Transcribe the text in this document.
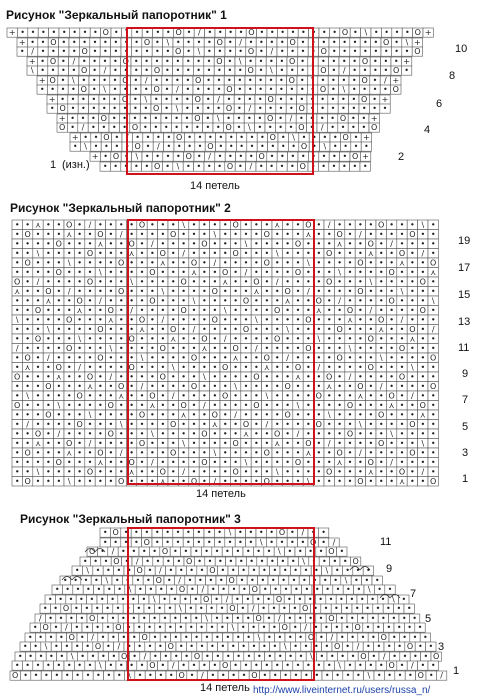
Рисунок "Зеркальный папоротник" 1
Рисунок "Зеркальный папоротник" 2
Рисунок "Зеркальный папоротник" 3
+ • • • • • • • • O • \ • • • • O • / • • • • O • • • • • • • • O • \ • • • • O +
+ • • O • • • • • • • • O • \ • • • • O • / • • • • O • • • • • • • • O • \ +
• / • • • • O • • • • • • • • O • \ • • • • O • / • • • • O • • • • • • • • O
+ • O • / • • • • O • • • • • • • • O • \ • • • • O • / • • • • O • • • +
\ • • • • O • / • • • • O • • • • • • • • O • \ • • • • O • / • • • • O •
+ O • \ • • • • O • / • • • • O • • • • • • • • O • \ • • • • O • / +
• • • • O • \ • • • • O • / • • • • O • • • • • • • • O • \ • • • • O
+ • • • • • • O • \ • • • • O • / • • • • O • • • • • • • • O • +
• O • • • • • • • • O • \ • • • • O • / • • • • O • • • • • • • •
+ • • • O • • • • • • • • O • \ • • • • O • / • • • • O • • +
O • / • • • • O • • • • • • • • O • \ • • • • O • / • • • • O
+ • • O • / • • • • O • • • • • • • • O • \ • • • • O • +
• \ • • • • O • / • • • • O • • • • • • • • O • \ • • • •
+ • O • \ • • • • O • / • • • • O • • • • • • • • O +
• • • • • O • \ • • • • O • / • • • • O • • • • • •
• • ⋏ • • O • / • • • • O • • • \ • • • • O • • • ⋏ • • O • / • • • • O • • • \ •
• O • • • ⋏ • • O • / • • • • O • • • \ • • • • O • • • ⋏ • • O • / • • • • O • •
• • • • O • • • ⋏ • • O • / • • • • O • • • \ • • • • O • • • ⋏ • • O • / • • • •
• • \ • • • • O • • • ⋏ • • O • / • • • • O • • • \ • • • • O • • • ⋏ • • O • / •
• O • • • \ • • • • O • • • ⋏ • • O • / • • • • O • • • \ • • • • O • • • ⋏ • • O
• • • • O • • • \ • • • • O • • • ⋏ • • O • / • • • • O • • • \ • • • • O • • • ⋏
O • / • • • • O • • • \ • • • • O • • • ⋏ • • O • / • • • • O • • • \ • • • • O •
⋏ • • O • / • • • • O • • • \ • • • • O • • • ⋏ • • O • / • • • • O • • • \ • • •
• • • ⋏ • • O • / • • • • O • • • \ • • • • O • • • ⋏ • • O • / • • • • O • • • \
• • O • • • ⋏ • • O • / • • • • O • • • \ • • • • O • • • ⋏ • • O • / • • • • O •
\ • • • • O • • • ⋏ • • O • / • • • • O • • • \ • • • • O • • • ⋏ • • O • / • • •
• • • \ • • • • O • • • ⋏ • • O • / • • • • O • • • \ • • • • O • • • ⋏ • • O • /
• • O • • • \ • • • • O • • • ⋏ • • O • / • • • • O • • • \ • • • • O • • • ⋏ • •
/ • • • • O • • • \ • • • • O • • • ⋏ • • O • / • • • • O • • • \ • • • • O • • •
• O • / • • • • O • • • \ • • • • O • • • ⋏ • • O • / • • • • O • • • \ • • • • O
• ⋏ • • O • / • • • • O • • • \ • • • • O • • • ⋏ • • O • / • • • • O • • • \ • •
O • • • ⋏ • • O • / • • • • O • • • \ • • • • O • • • ⋏ • • O • / • • • • O • • •
• • • O • • • ⋏ • • O • / • • • • O • • • \ • • • • O • • • ⋏ • • O • / • • • • O
• \ • • • • O • • • ⋏ • • O • / • • • • O • • • \ • • • • O • • • ⋏ • • O • / • •
O • • • \ • • • • O • • • ⋏ • • O • / • • • • O • • • \ • • • • O • • • ⋏ • • O •
• • • O • • • \ • • • • O • • • ⋏ • • O • / • • • • O • • • \ • • • • O • • • ⋏ •
• / • • • • O • • • \ • • • • O • • • ⋏ • • O • / • • • • O • • • \ • • • • O • •
• • O • / • • • • O • • • \ • • • • O • • • ⋏ • • O • / • • • • O • • • \ • • • •
• • ⋏ • • O • / • • • • O • • • \ • • • • O • • • ⋏ • • O • / • • • • O • • • \ •
• O • • • ⋏ • • O • / • • • • O • • • \ • • • • O • • • ⋏ • • O • / • • • • O • •
• • • • O • • • ⋏ • • O • / • • • • O • • • \ • • • • O • • • ⋏ • • O • / • • • •
• • \ • • • • O • • • ⋏ • • O • / • • • • O • • • \ • • • • O • • • ⋏ • • O • / •
• O • • • \ • • • • O • • • ⋏ • • O • / • • • • O • • • \ • • • • O • • • ⋏ • • O
• O • • • • • • • • • • \ • • • • O • / • •
• • • • O • • • • • • • • • • \ • • • • O • /
O • / • • • • O • • • • • • • • • • \ • • • • O •
• • • O • / • • • • O • • • • • • • • • • \ • • • • O
• \ • • • • O • / • • • • O • • • • • • • • • • \ • • • •
• • • • \ • • • • O • / • • • • O • • • • • • • • • • \ • • •
• • • • • • • \ • • • • O • / • • • • O • • • • • • • • • • \ • •
• • • • • • • • • • \ • • • • O • / • • • • O • • • • • • • • • • \ •
• • O • • • • • • • • • • \ • • • • O • / • • • • O • • • • • • • • • •
/ • • • • O • • • • • • • • • • \ • • • • O • / • • • • O • • • • • • • •
• O • / • • • • O • • • • • • • • • • \ • • • • O • / • • • • O • • • • • •
• • • • O • / • • • • O • • • • • • • • • • \ • • • • O • / • • • • O • • • •
• • \ • • • • O • / • • • • O • • • • • • • • • • \ • • • • O • / • • • • O • •
• • • • • \ • • • • O • / • • • • O • • • • • • • • • • \ • • • • O • / • • • • O
• • • • • • • • \ • • • • O • / • • • • O • • • • • • • • • • \ • • • • O • / • •
O • • • • • • • • • • \ • • • • O • / • • • • O • • • • • • • • • • \ • • • • O • /
10
8
6
4
2
1 (изн.)
14 петель
19
17
15
13
11
9
7
5
3
1
14 петель
11
9
7
5
3
1
14 петель http://www.liveinternet.ru/users/russa_n/
